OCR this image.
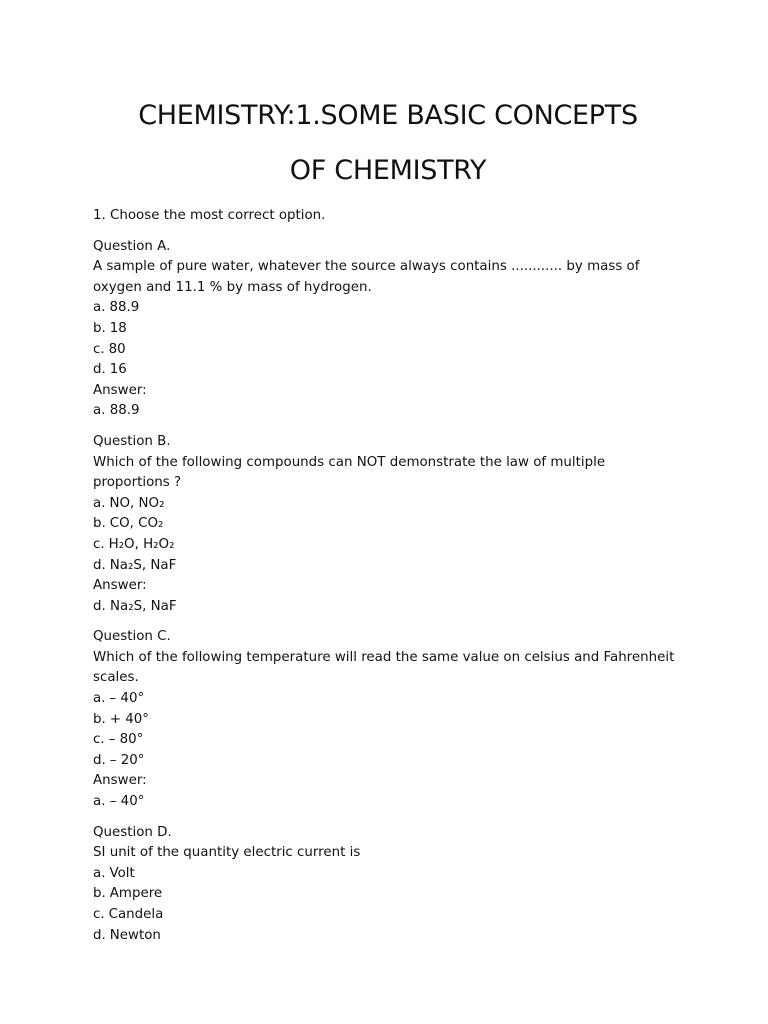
CHEMISTRY:1.SOME BASIC CONCEPTS
OF CHEMISTRY
1. Choose the most correct option.
Question A.
A sample of pure water, whatever the source always contains ............ by mass of oxygen and 11.1 % by mass of hydrogen.
a. 88.9
b. 18
c. 80
d. 16
Answer:
a. 88.9
Question B.
Which of the following compounds can NOT demonstrate the law of multiple proportions ?
a. NO, NO₂
b. CO, CO₂
c. H₂O, H₂O₂
d. Na₂S, NaF
Answer:
d. Na₂S, NaF
Question C.
Which of the following temperature will read the same value on celsius and Fahrenheit scales.
a. – 40°
b. + 40°
c. – 80°
d. – 20°
Answer:
a. – 40°
Question D.
SI unit of the quantity electric current is
a. Volt
b. Ampere
c. Candela
d. Newton
